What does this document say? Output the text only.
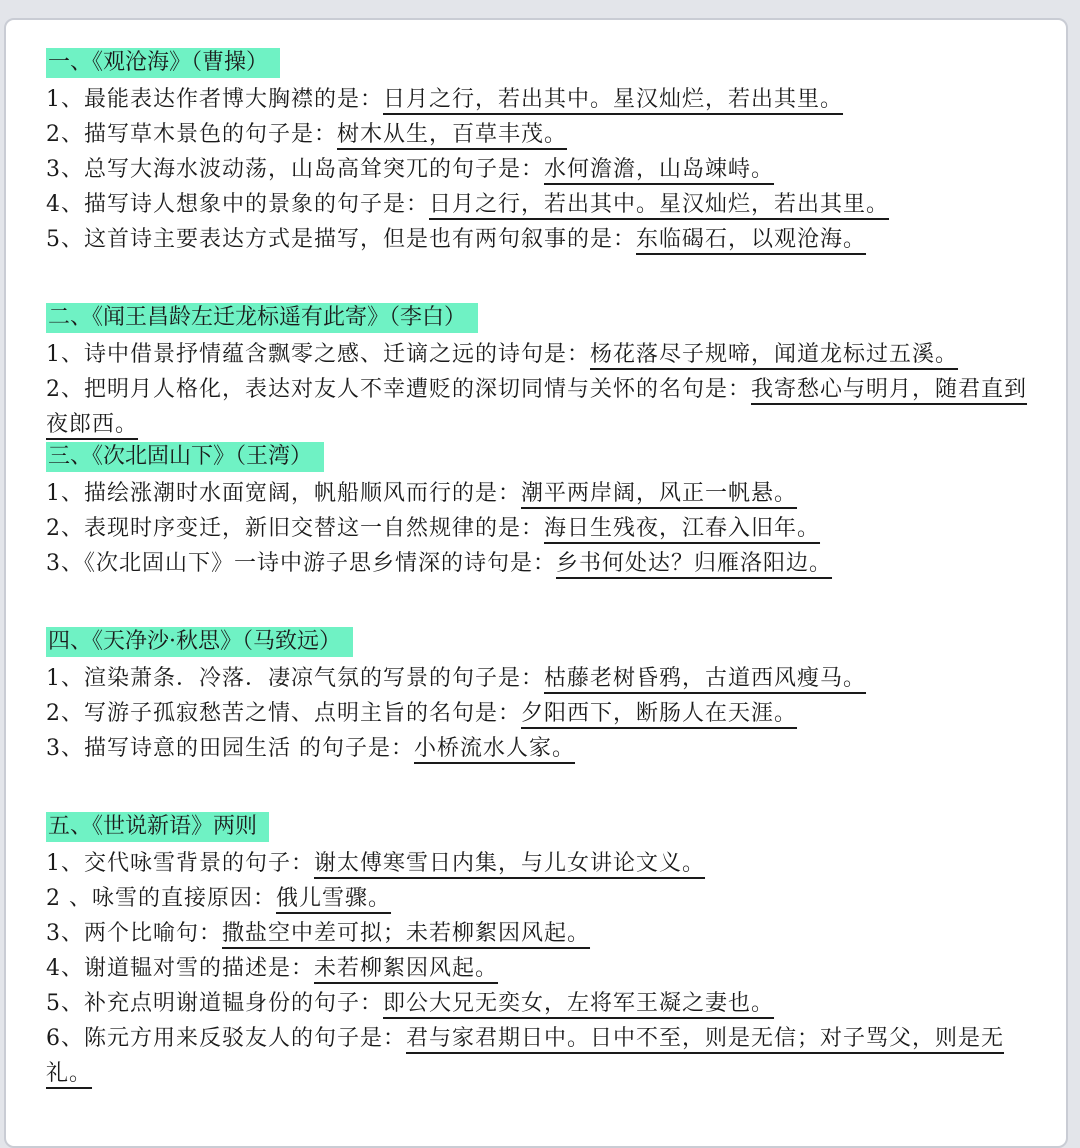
一、《观沧海》（曹操）

1、最能表达作者博大胸襟的是：日月之行，若出其中。星汉灿烂，若出其里。

2、描写草木景色的句子是：树木从生，百草丰茂。

3、总写大海水波动荡，山岛高耸突兀的句子是：水何澹澹，山岛竦峙。

4、描写诗人想象中的景象的句子是：日月之行，若出其中。星汉灿烂，若出其里。

5、这首诗主要表达方式是描写，但是也有两句叙事的是：东临碣石，以观沧海。

二、《闻王昌龄左迁龙标遥有此寄》（李白）

1、诗中借景抒情蕴含飘零之感、迁谪之远的诗句是：杨花落尽子规啼，闻道龙标过五溪。

2、把明月人格化，表达对友人不幸遭贬的深切同情与关怀的名句是：我寄愁心与明月，随君直到夜郎西。

三、《次北固山下》（王湾）

1、描绘涨潮时水面宽阔，帆船顺风而行的是：潮平两岸阔，风正一帆悬。

2、表现时序变迁，新旧交替这一自然规律的是：海日生残夜，江春入旧年。

3、《次北固山下》一诗中游子思乡情深的诗句是：乡书何处达？归雁洛阳边。

四、《天净沙·秋思》（马致远）

1、渲染萧条．冷落．凄凉气氛的写景的句子是：枯藤老树昏鸦，古道西风瘦马。

2、写游子孤寂愁苦之情、点明主旨的名句是：夕阳西下，断肠人在天涯。

3、描写诗意的田园生活 的句子是：小桥流水人家。

五、《世说新语》两则

1、交代咏雪背景的句子：谢太傅寒雪日内集，与儿女讲论文义。

2 、咏雪的直接原因：俄儿雪骤。

3、两个比喻句：撒盐空中差可拟；未若柳絮因风起。

4、谢道韫对雪的描述是：未若柳絮因风起。

5、补充点明谢道韫身份的句子：即公大兄无奕女，左将军王凝之妻也。

6、陈元方用来反驳友人的句子是：君与家君期日中。日中不至，则是无信；对子骂父，则是无礼。
